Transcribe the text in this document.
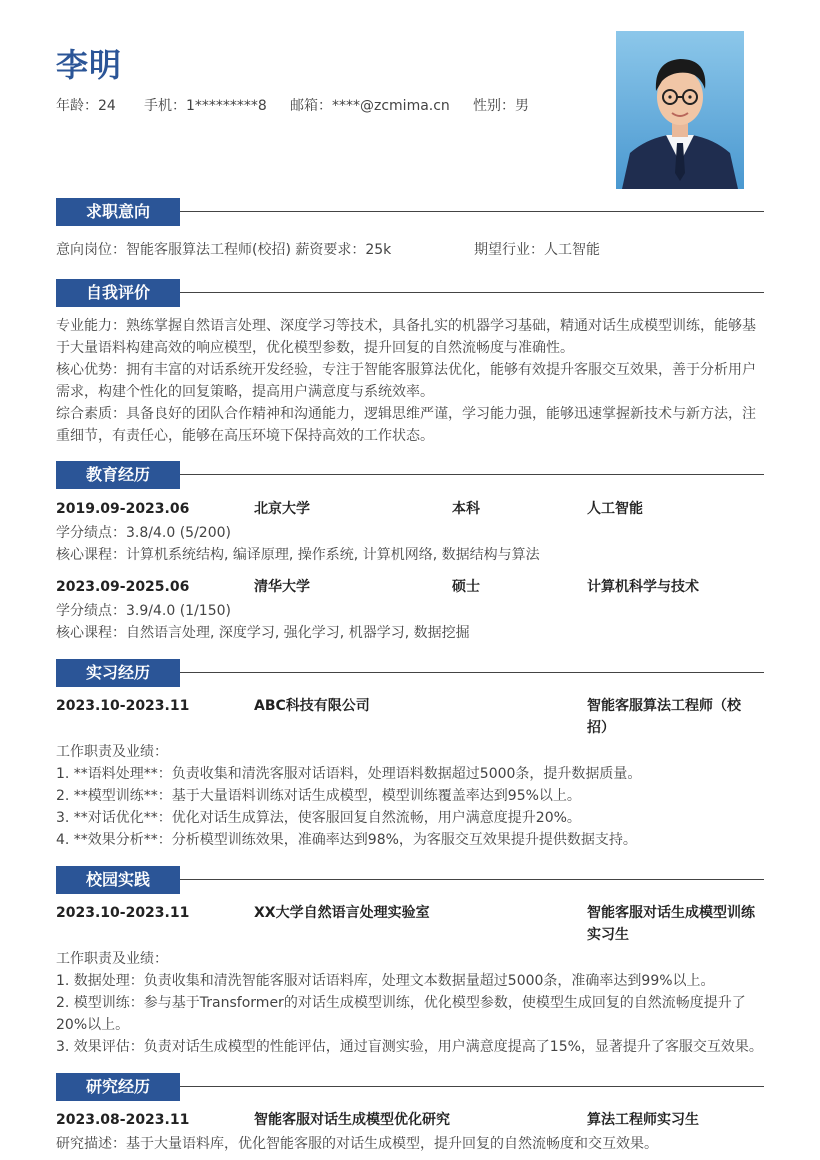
李明
年龄：24	手机：1*********8	邮箱：****@zcmima.cn	性别：男
求职意向
意向岗位：智能客服算法工程师(校招) 薪资要求：25k	期望行业：人工智能
自我评价
专业能力：熟练掌握自然语言处理、深度学习等技术，具备扎实的机器学习基础，精通对话生成模型训练，能够基于大量语料构建高效的响应模型，优化模型参数，提升回复的自然流畅度与准确性。
核心优势：拥有丰富的对话系统开发经验，专注于智能客服算法优化，能够有效提升客服交互效果，善于分析用户需求，构建个性化的回复策略，提高用户满意度与系统效率。
综合素质：具备良好的团队合作精神和沟通能力，逻辑思维严谨，学习能力强，能够迅速掌握新技术与新方法，注重细节，有责任心，能够在高压环境下保持高效的工作状态。
教育经历
2019.09-2023.06	北京大学	本科	人工智能
学分绩点：3.8/4.0 (5/200)
核心课程：计算机系统结构, 编译原理, 操作系统, 计算机网络, 数据结构与算法
2023.09-2025.06	清华大学	硕士	计算机科学与技术
学分绩点：3.9/4.0 (1/150)
核心课程：自然语言处理, 深度学习, 强化学习, 机器学习, 数据挖掘
实习经历
2023.10-2023.11	ABC科技有限公司	智能客服算法工程师（校
招）
工作职责及业绩：
1. **语料处理**：负责收集和清洗客服对话语料，处理语料数据超过5000条，提升数据质量。
2. **模型训练**：基于大量语料训练对话生成模型，模型训练覆盖率达到95%以上。
3. **对话优化**：优化对话生成算法，使客服回复自然流畅，用户满意度提升20%。
4. **效果分析**：分析模型训练效果，准确率达到98%，为客服交互效果提升提供数据支持。
校园实践
2023.10-2023.11	XX大学自然语言处理实验室	智能客服对话生成模型训练
实习生
工作职责及业绩：
1. 数据处理：负责收集和清洗智能客服对话语料库，处理文本数据量超过5000条，准确率达到99%以上。
2. 模型训练：参与基于Transformer的对话生成模型训练，优化模型参数，使模型生成回复的自然流畅度提升了20%以上。
3. 效果评估：负责对话生成模型的性能评估，通过盲测实验，用户满意度提高了15%，显著提升了客服交互效果。
研究经历
2023.08-2023.11	智能客服对话生成模型优化研究	算法工程师实习生
研究描述：基于大量语料库，优化智能客服的对话生成模型，提升回复的自然流畅度和交互效果。
